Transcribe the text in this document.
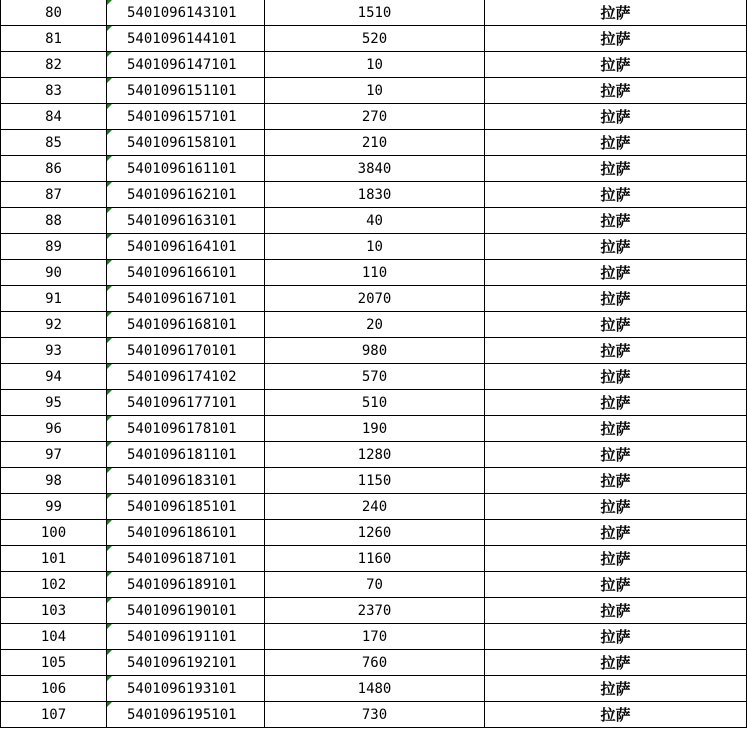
80	5401096143101	1510	拉萨
81	5401096144101	520	拉萨
82	5401096147101	10	拉萨
83	5401096151101	10	拉萨
84	5401096157101	270	拉萨
85	5401096158101	210	拉萨
86	5401096161101	3840	拉萨
87	5401096162101	1830	拉萨
88	5401096163101	40	拉萨
89	5401096164101	10	拉萨
90	5401096166101	110	拉萨
91	5401096167101	2070	拉萨
92	5401096168101	20	拉萨
93	5401096170101	980	拉萨
94	5401096174102	570	拉萨
95	5401096177101	510	拉萨
96	5401096178101	190	拉萨
97	5401096181101	1280	拉萨
98	5401096183101	1150	拉萨
99	5401096185101	240	拉萨
100	5401096186101	1260	拉萨
101	5401096187101	1160	拉萨
102	5401096189101	70	拉萨
103	5401096190101	2370	拉萨
104	5401096191101	170	拉萨
105	5401096192101	760	拉萨
106	5401096193101	1480	拉萨
107	5401096195101	730	拉萨
